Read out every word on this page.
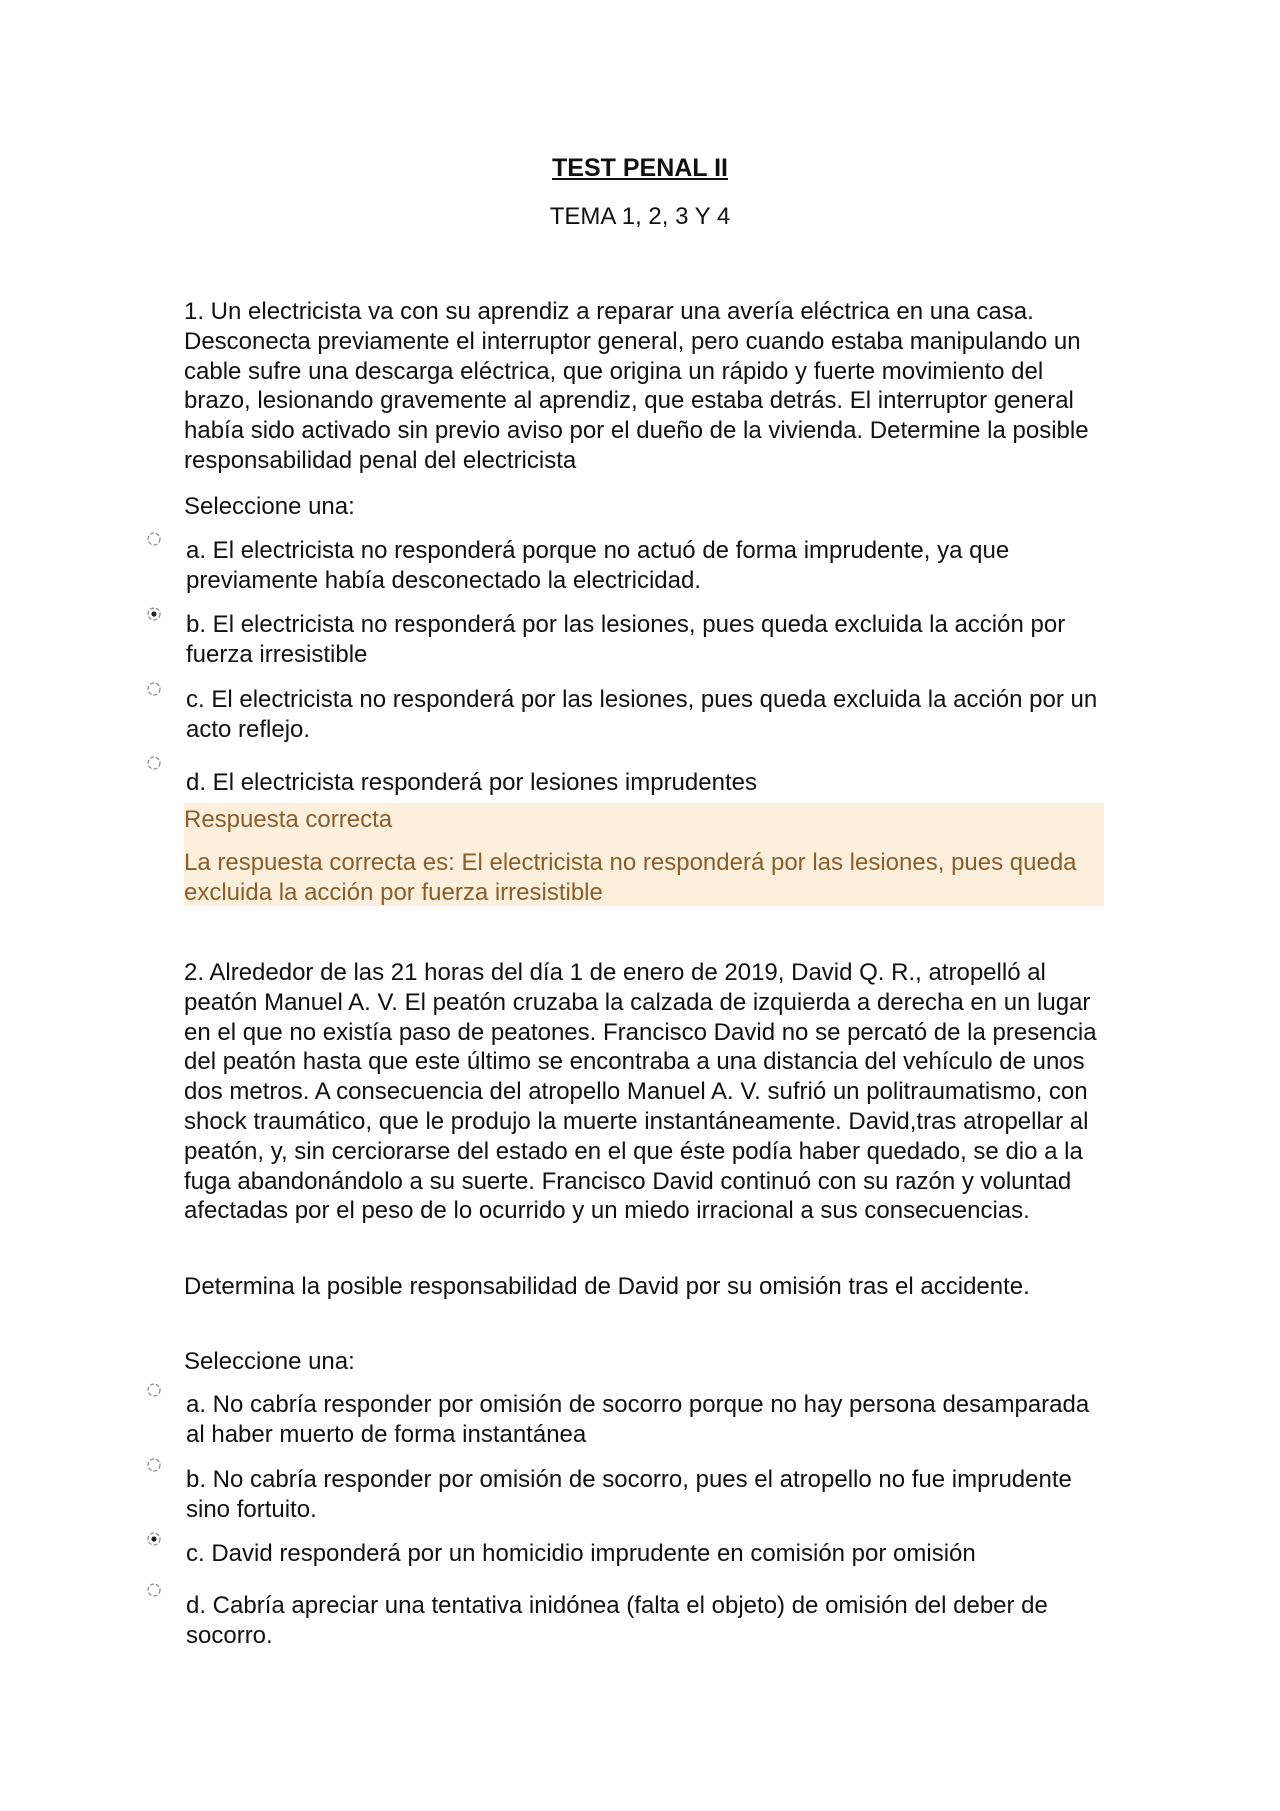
TEST PENAL II
TEMA 1, 2, 3 Y 4
1. Un electricista va con su aprendiz a reparar una avería eléctrica en una casa. Desconecta previamente el interruptor general, pero cuando estaba manipulando un cable sufre una descarga eléctrica, que origina un rápido y fuerte movimiento del brazo, lesionando gravemente al aprendiz, que estaba detrás. El interruptor general había sido activado sin previo aviso por el dueño de la vivienda. Determine la posible responsabilidad penal del electricista
Seleccione una:
a. El electricista no responderá porque no actuó de forma imprudente, ya que previamente había desconectado la electricidad.
b. El electricista no responderá por las lesiones, pues queda excluida la acción por fuerza irresistible
c. El electricista no responderá por las lesiones, pues queda excluida la acción por un acto reflejo.
d. El electricista responderá por lesiones imprudentes
Respuesta correcta
La respuesta correcta es: El electricista no responderá por las lesiones, pues queda excluida la acción por fuerza irresistible
2. Alrededor de las 21 horas del día 1 de enero de 2019, David Q. R., atropelló al peatón Manuel A. V. El peatón cruzaba la calzada de izquierda a derecha en un lugar en el que no existía paso de peatones. Francisco David no se percató de la presencia del peatón hasta que este último se encontraba a una distancia del vehículo de unos dos metros. A consecuencia del atropello Manuel A. V. sufrió un politraumatismo, con shock traumático, que le produjo la muerte instantáneamente. David,tras atropellar al peatón, y, sin cerciorarse del estado en el que éste podía haber quedado, se dio a la fuga abandonándolo a su suerte. Francisco David continuó con su razón y voluntad afectadas por el peso de lo ocurrido y un miedo irracional a sus consecuencias.
Determina la posible responsabilidad de David por su omisión tras el accidente.
Seleccione una:
a. No cabría responder por omisión de socorro porque no hay persona desamparada al haber muerto de forma instantánea
b. No cabría responder por omisión de socorro, pues el atropello no fue imprudente sino fortuito.
c. David responderá por un homicidio imprudente en comisión por omisión
d. Cabría apreciar una tentativa inidónea (falta el objeto) de omisión del deber de socorro.
